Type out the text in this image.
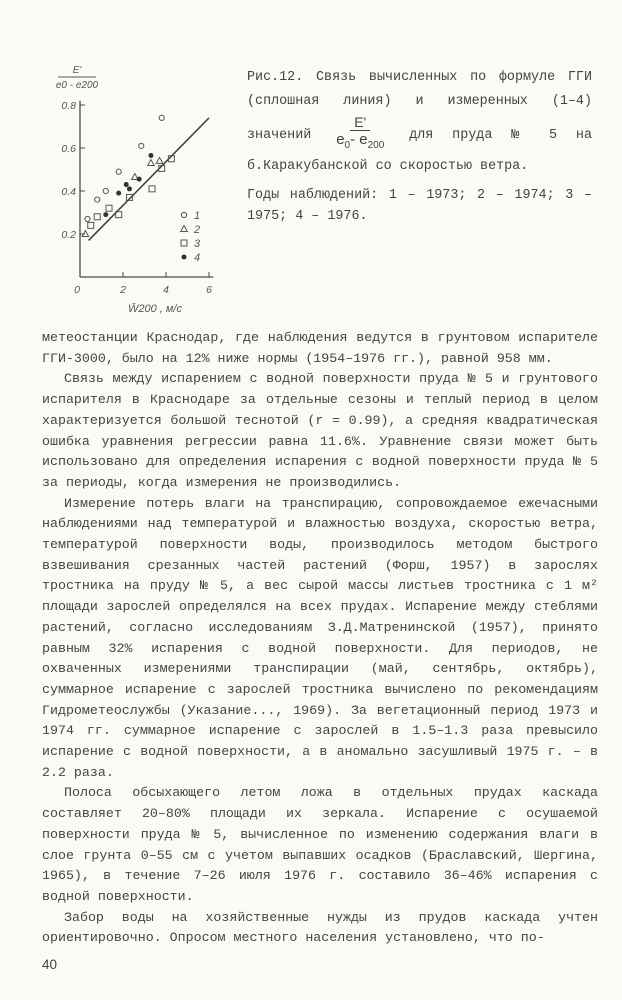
E'
e0 - e200
0.2
0.4
0.6
0.8
0	2	4	6
1
2
3
4
W̄200 , м/с

Рис.12. Связь вычисленных по формуле ГГИ (сплошная линия) и измеренных (1–4) значений $\frac{E'}{e_0- e_{200}}$ для пруда № 5 на б.Каракубанской со скоростью ветра.

Годы наблюдений: 1 – 1973; 2 – 1974; 3 – 1975; 4 – 1976.

метеостанции Краснодар, где наблюдения ведутся в грунтовом испарителе ГГИ-3000, было на 12% ниже нормы (1954–1976 гг.), равной 958 мм.

Связь между испарением с водной поверхности пруда № 5 и грунтового испарителя в Краснодаре за отдельные сезоны и теплый период в целом характеризуется большой теснотой (r = 0.99), а средняя квадратическая ошибка уравнения регрессии равна 11.6%. Уравнение связи может быть использовано для определения испарения с водной поверхности пруда № 5 за периоды, когда измерения не производились.

Измерение потерь влаги на транспирацию, сопровождаемое ежечасными наблюдениями над температурой и влажностью воздуха, скоростью ветра, температурой поверхности воды, производилось методом быстрого взвешивания срезанных частей растений (Форш, 1957) в зарослях тростника на пруду № 5, а вес сырой массы листьев тростника с 1 м² площади зарослей определялся на всех прудах. Испарение между стеблями растений, согласно исследованиям З.Д.Матренинской (1957), принято равным 32% испарения с водной поверхности. Для периодов, не охваченных измерениями транспирации (май, сентябрь, октябрь), суммарное испарение с зарослей тростника вычислено по рекомендациям Гидрометеослужбы (Указание..., 1969). За вегетационный период 1973 и 1974 гг. суммарное испарение с зарослей в 1.5–1.3 раза превысило испарение с водной поверхности, а в аномально засушливый 1975 г. – в 2.2 раза.

Полоса обсыхающего летом ложа в отдельных прудах каскада составляет 20–80% площади их зеркала. Испарение с осушаемой поверхности пруда № 5, вычисленное по изменению содержания влаги в слое грунта 0–55 см с учетом выпавших осадков (Браславский, Шергина, 1965), в течение 7–26 июля 1976 г. составило 36–46% испарения с водной поверхности.

Забор воды на хозяйственные нужды из прудов каскада учтен ориентировочно. Опросом местного населения установлено, что по-

40
